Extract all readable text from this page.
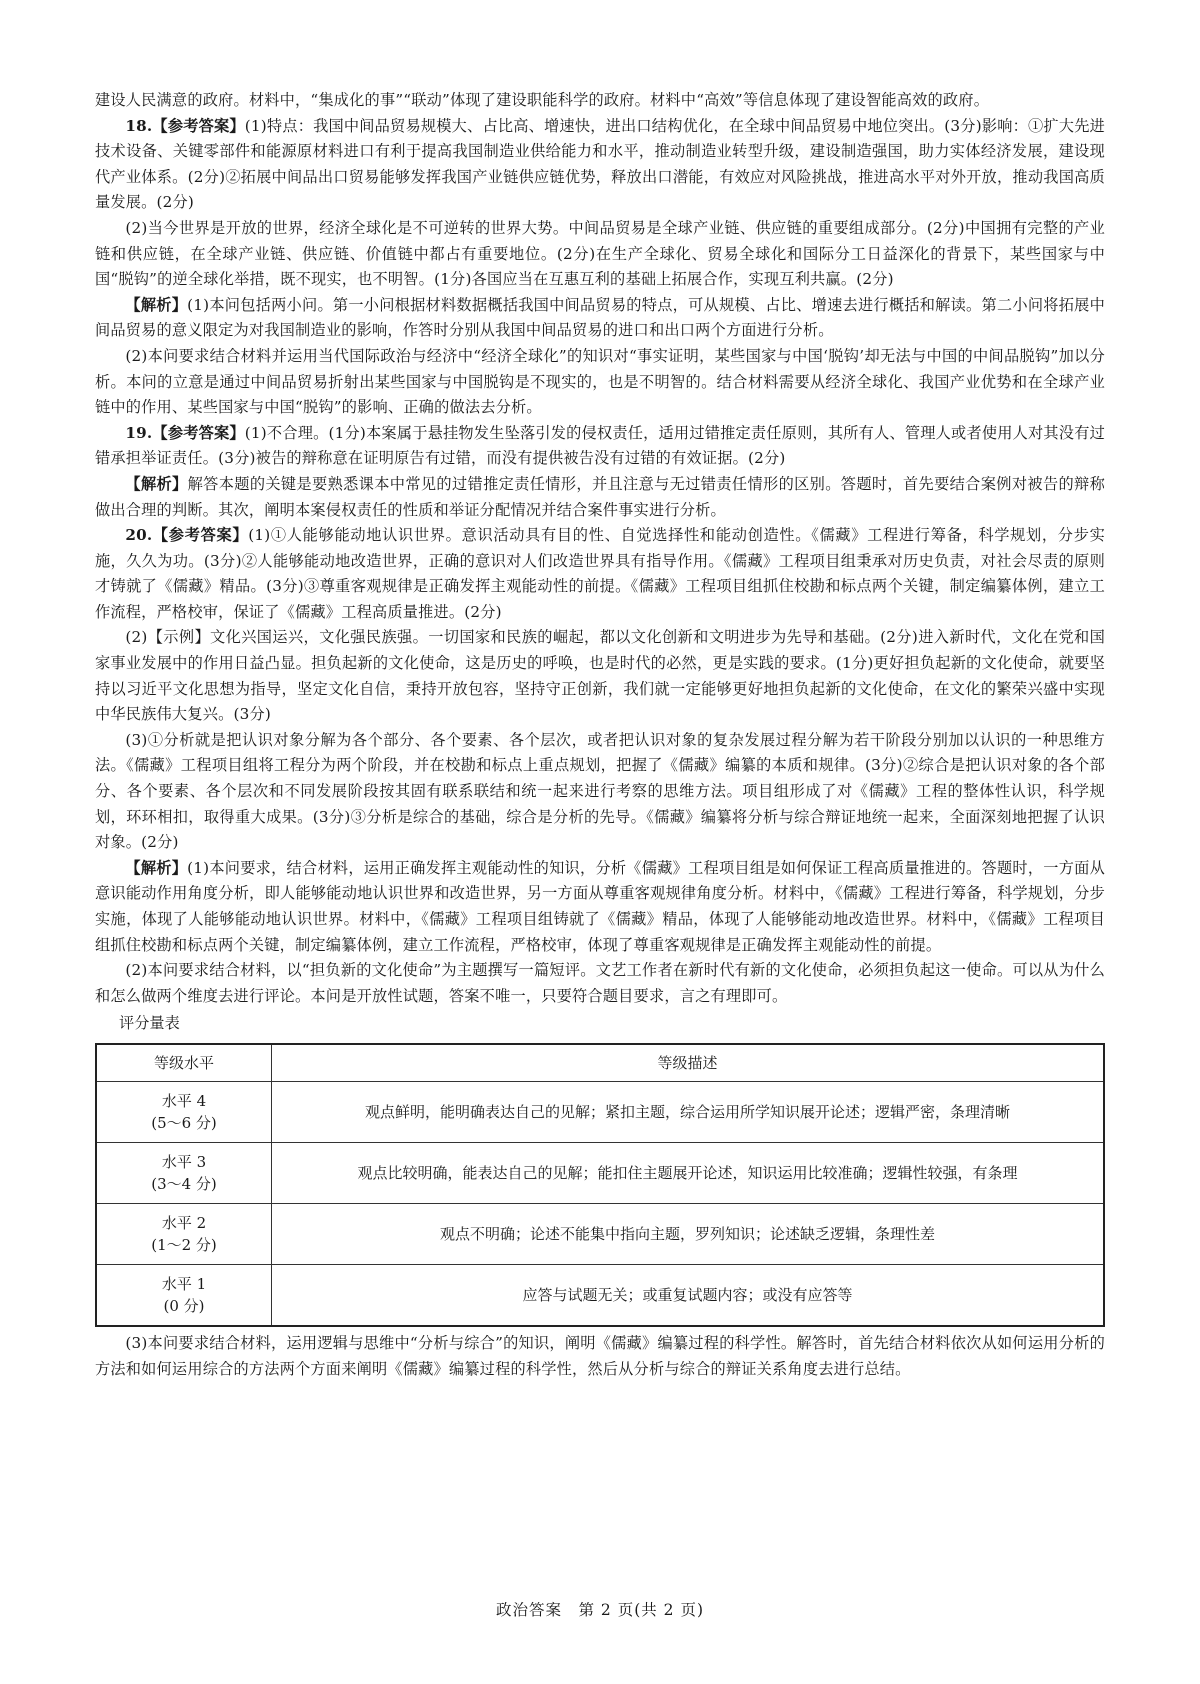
建设人民满意的政府。材料中，“集成化的事”“联动”体现了建设职能科学的政府。材料中“高效”等信息体现了建设智能高效的政府。

18.【参考答案】(1)特点：我国中间品贸易规模大、占比高、增速快，进出口结构优化，在全球中间品贸易中地位突出。(3分)影响：①扩大先进技术设备、关键零部件和能源原材料进口有利于提高我国制造业供给能力和水平，推动制造业转型升级，建设制造强国，助力实体经济发展，建设现代产业体系。(2分)②拓展中间品出口贸易能够发挥我国产业链供应链优势，释放出口潜能，有效应对风险挑战，推进高水平对外开放，推动我国高质量发展。(2分)

(2)当今世界是开放的世界，经济全球化是不可逆转的世界大势。中间品贸易是全球产业链、供应链的重要组成部分。(2分)中国拥有完整的产业链和供应链，在全球产业链、供应链、价值链中都占有重要地位。(2分)在生产全球化、贸易全球化和国际分工日益深化的背景下，某些国家与中国“脱钩”的逆全球化举措，既不现实，也不明智。(1分)各国应当在互惠互利的基础上拓展合作，实现互利共赢。(2分)

【解析】(1)本问包括两小问。第一小问根据材料数据概括我国中间品贸易的特点，可从规模、占比、增速去进行概括和解读。第二小问将拓展中间品贸易的意义限定为对我国制造业的影响，作答时分别从我国中间品贸易的进口和出口两个方面进行分析。

(2)本问要求结合材料并运用当代国际政治与经济中“经济全球化”的知识对“事实证明，某些国家与中国‘脱钩’却无法与中国的中间品脱钩”加以分析。本问的立意是通过中间品贸易折射出某些国家与中国脱钩是不现实的，也是不明智的。结合材料需要从经济全球化、我国产业优势和在全球产业链中的作用、某些国家与中国“脱钩”的影响、正确的做法去分析。

19.【参考答案】(1)不合理。(1分)本案属于悬挂物发生坠落引发的侵权责任，适用过错推定责任原则，其所有人、管理人或者使用人对其没有过错承担举证责任。(3分)被告的辩称意在证明原告有过错，而没有提供被告没有过错的有效证据。(2分)

【解析】解答本题的关键是要熟悉课本中常见的过错推定责任情形，并且注意与无过错责任情形的区别。答题时，首先要结合案例对被告的辩称做出合理的判断。其次，阐明本案侵权责任的性质和举证分配情况并结合案件事实进行分析。

20.【参考答案】(1)①人能够能动地认识世界。意识活动具有目的性、自觉选择性和能动创造性。《儒藏》工程进行筹备，科学规划，分步实施，久久为功。(3分)②人能够能动地改造世界，正确的意识对人们改造世界具有指导作用。《儒藏》工程项目组秉承对历史负责，对社会尽责的原则才铸就了《儒藏》精品。(3分)③尊重客观规律是正确发挥主观能动性的前提。《儒藏》工程项目组抓住校勘和标点两个关键，制定编纂体例，建立工作流程，严格校审，保证了《儒藏》工程高质量推进。(2分)

(2)【示例】文化兴国运兴，文化强民族强。一切国家和民族的崛起，都以文化创新和文明进步为先导和基础。(2分)进入新时代，文化在党和国家事业发展中的作用日益凸显。担负起新的文化使命，这是历史的呼唤，也是时代的必然，更是实践的要求。(1分)更好担负起新的文化使命，就要坚持以习近平文化思想为指导，坚定文化自信，秉持开放包容，坚持守正创新，我们就一定能够更好地担负起新的文化使命，在文化的繁荣兴盛中实现中华民族伟大复兴。(3分)

(3)①分析就是把认识对象分解为各个部分、各个要素、各个层次，或者把认识对象的复杂发展过程分解为若干阶段分别加以认识的一种思维方法。《儒藏》工程项目组将工程分为两个阶段，并在校勘和标点上重点规划，把握了《儒藏》编纂的本质和规律。(3分)②综合是把认识对象的各个部分、各个要素、各个层次和不同发展阶段按其固有联系联结和统一起来进行考察的思维方法。项目组形成了对《儒藏》工程的整体性认识，科学规划，环环相扣，取得重大成果。(3分)③分析是综合的基础，综合是分析的先导。《儒藏》编纂将分析与综合辩证地统一起来，全面深刻地把握了认识对象。(2分)

【解析】(1)本问要求，结合材料，运用正确发挥主观能动性的知识，分析《儒藏》工程项目组是如何保证工程高质量推进的。答题时，一方面从意识能动作用角度分析，即人能够能动地认识世界和改造世界，另一方面从尊重客观规律角度分析。材料中，《儒藏》工程进行筹备，科学规划，分步实施，体现了人能够能动地认识世界。材料中，《儒藏》工程项目组铸就了《儒藏》精品，体现了人能够能动地改造世界。材料中，《儒藏》工程项目组抓住校勘和标点两个关键，制定编纂体例，建立工作流程，严格校审，体现了尊重客观规律是正确发挥主观能动性的前提。

(2)本问要求结合材料，以“担负新的文化使命”为主题撰写一篇短评。文艺工作者在新时代有新的文化使命，必须担负起这一使命。可以从为什么和怎么做两个维度去进行评论。本问是开放性试题，答案不唯一，只要符合题目要求，言之有理即可。

评分量表
等级水平	等级描述

水平 4
(5～6 分)	观点鲜明，能明确表达自己的见解；紧扣主题，综合运用所学知识展开论述；逻辑严密，条理清晰

水平 3
(3～4 分)	观点比较明确，能表达自己的见解；能扣住主题展开论述，知识运用比较准确；逻辑性较强，有条理

水平 2
(1～2 分)	观点不明确；论述不能集中指向主题，罗列知识；论述缺乏逻辑，条理性差

水平 1
(0 分)	应答与试题无关；或重复试题内容；或没有应答等

(3)本问要求结合材料，运用逻辑与思维中“分析与综合”的知识，阐明《儒藏》编纂过程的科学性。解答时，首先结合材料依次从如何运用分析的方法和如何运用综合的方法两个方面来阐明《儒藏》编纂过程的科学性，然后从分析与综合的辩证关系角度去进行总结。

政治答案　第 2 页(共 2 页)
